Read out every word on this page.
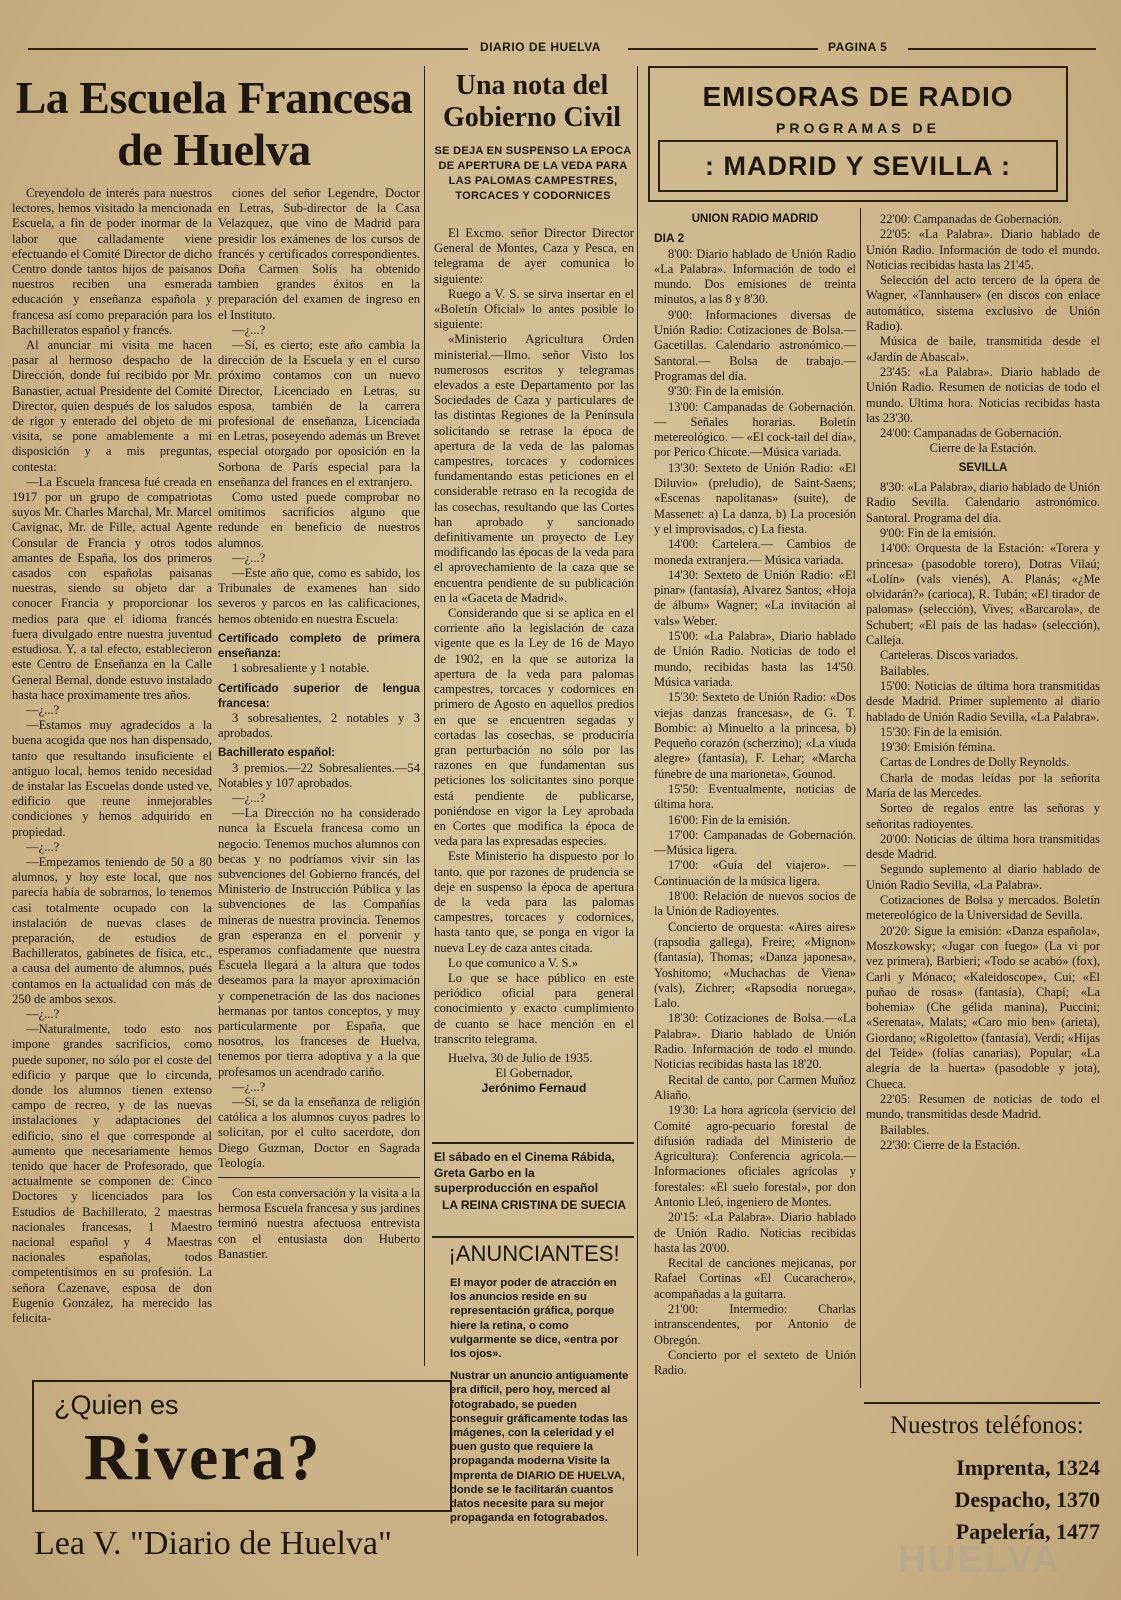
DIARIO DE HUELVA	PAGINA 5
La Escuela Francesa
de Huelva

Creyendolo de interés para nuestros lectores, hemos visitado la mencionada Escuela, a fin de poder inormar de la labor que calladamente viene efectuando el Comité Director de dicho Centro donde tantos hijos de paisanos nuestros reciben una esmerada educación y enseñanza española y francesa así como preparación para los Bachilleratos español y francés.

Al anunciar mi visita me hacen pasar al hermoso despacho de la Dirección, donde fuí recibido por Mr. Banastier, actual Presidente del Comité Director, quien después de los saludos de rigor y enterado del objeto de mi visita, se pone amablemente a mi disposición y a mis preguntas, contesta:

—La Escuela francesa fué creada en 1917 por un grupo de compatriotas suyos Mr. Charles Marchal, Mr. Marcel Cavignac, Mr. de Fille, actual Agente Consular de Francia y otros todos amantes de España, los dos primeros casados con españolas paisanas nuestras, siendo su objeto dar a conocer Francia y proporcionar los medios para que el idioma francés fuera divulgado entre nuestra juventud estudiosa. Y, a tal efecto, establecieron este Centro de Enseñanza en la Calle General Bernal, donde estuvo instalado hasta hace proximamente tres años.

—¿...?

—Estamos muy agradecidos a la buena acogida que nos han dispensado, tanto que resultando insuficiente el antiguo local, hemos tenido necesidad de instalar las Escuelas donde usted ve, edificio que reune inmejorables condiciones y hemos adquirido en propiedad.

—¿...?

—Empezamos teniendo de 50 a 80 alumnos, y hoy este local, que nos parecía había de sobrarnos, lo tenemos casi totalmente ocupado con la instalación de nuevas clases de preparación, de estudios de Bachilleratos, gabinetes de física, etc., a causa del aumento de alumnos, pués contamos en la actualidad con más de 250 de ambos sexos.

—¿...?

—Naturalmente, todo esto nos impone grandes sacrificios, como puede suponer, no sólo por el coste del edificio y parque que lo circunda, donde los alumnos tienen extenso campo de recreo, y de las nuevas instalaciones y adaptaciones del edificio, sino el que corresponde al aumento que necesariamente hemos tenido que hacer de Profesorado, que actualmente se componen de: Cinco Doctores y licenciados para los Estudios de Bachillerato, 2 maestras nacionales francesas, 1 Maestro nacional español y 4 Maestras nacionales españolas, todos competentísimos en su profesión. La señora Cazenave, esposa de don Eugenio González, ha merecido las felicita-

ciones del señor Legendre, Doctor en Letras, Sub-director de la Casa Velazquez, que vino de Madrid para presidir los exámenes de los cursos de francés y certificados correspondientes. Doña Carmen Solís ha obtenido tambien grandes éxitos en la preparación del examen de ingreso en el Instituto.

—¿...?

—Sí, es cierto; este año cambia la dirección de la Escuela y en el curso próximo contamos con un nuevo Director, Licenciado en Letras, su esposa, también de la carrera profesional de enseñanza, Licenciada en Letras, poseyendo además un Brevet especial otorgado por oposición en la Sorbona de París especial para la enseñanza del frances en el extranjero.

Como usted puede comprobar no omitimos sacrificios alguno que redunde en beneficio de nuestros alumnos.

—¿...?

—Este año que, como es sabido, los Tribunales de examenes han sido severos y parcos en las calificaciones, hemos obtenido en nuestra Escuela:

Certificado completo de primera enseñanza:

1 sobresaliente y 1 notable.

Certificado superior de lengua francesa:

3 sobresalientes, 2 notables y 3 aprobados.

Bachillerato español:

3 premios.—22 Sobresalientes.—54 Notables y 107 aprobados.

—¿...?

—La Dirección no ha considerado nunca la Escuela francesa como un negocio. Tenemos muchos alumnos con becas y no podríamos vivir sin las subvenciones del Gobierno francés, del Ministerio de Instrucción Pública y las subvenciones de las Compañías mineras de nuestra provincia. Tenemos gran esperanza en el porvenir y esperamos confiadamente que nuestra Escuela llegará a la altura que todos deseamos para la mayor aproximación y compenetración de las dos naciones hermanas por tantos conceptos, y muy particularmente por España, que nosotros, los franceses de Huelva, tenemos por tierra adoptiva y a la que profesamos un acendrado cariño.

—¿...?

—Sí, se da la enseñanza de religión católica a los alumnos cuyos padres lo solicitan, por el culto sacerdote, don Diego Guzman, Doctor en Sagrada Teología.

Con esta conversación y la visita a la hermosa Escuela francesa y sus jardines terminó nuestra afectuosa entrevista con el entusiasta don Huberto Banastier.

¿Quien es
Rivera?
Lea V. "Diario de Huelva"
Una nota del Gobierno Civil
SE DEJA EN SUSPENSO LA EPOCA DE APERTURA DE LA VEDA PARA LAS PALOMAS CAMPESTRES, TORCACES Y CODORNICES

El Excmo. señor Director Director General de Montes, Caza y Pesca, en telegrama de ayer comunica lo siguiente:

Ruego a V. S. se sirva insertar en el «Boletín Oficial» lo antes posible lo siguiente:

«Ministerio Agricultura Orden ministerial.—Ilmo. señor Visto los numerosos escritos y telegramas elevados a este Departamento por las Sociedades de Caza y particulares de las distintas Regiones de la Península solicitando se retrase la época de apertura de la veda de las palomas campestres, torcaces y codornices fundamentando estas peticiones en el considerable retraso en la recogida de las cosechas, resultando que las Cortes han aprobado y sancionado definitivamente un proyecto de Ley modificando las épocas de la veda para el aprovechamiento de la caza que se encuentra pendiente de su publicación en la «Gaceta de Madrid».

Considerando que si se aplica en el corriente año la legislación de caza vigente que es la Ley de 16 de Mayo de 1902, en la que se autoriza la apertura de la veda para palomas campestres, torcaces y codornices en primero de Agosto en aquellos predios en que se encuentren segadas y cortadas las cosechas, se produciría gran perturbación no sólo por las razones en que fundamentan sus peticiones los solicitantes sino porque está pendiente de publicarse, poniéndose en vigor la Ley aprobada en Cortes que modifica la época de veda para las expresadas especies.

Este Ministerio ha dispuesto por lo tanto, que por razones de prudencia se deje en suspenso la época de apertura de la veda para las palomas campestres, torcaces y codornices, hasta tanto que, se ponga en vigor la nueva Ley de caza antes citada.

Lo que comunico a V. S.»

Lo que se hace público en este periódico oficial para general conocimiento y exacto cumplimiento de cuanto se hace mención en el transcrito telegrama.

Huelva, 30 de Julio de 1935.

El Gobernador,

Jerónimo Fernaud

El sábado en el Cinema Rábida, Greta Garbo en la superproducción en español
LA REINA CRISTINA DE SUECIA
¡ANUNCIANTES!

El mayor poder de atracción en los anuncios reside en su representación gráfica, porque hiere la retina, o como vulgarmente se dice, «entra por los ojos».

Nustrar un anuncio antiguamente era difícil, pero hoy, merced al fotograbado, se pueden conseguir gráficamente todas las imágenes, con la celeridad y el buen gusto que requiere la propaganda moderna Visite la Imprenta de DIARIO DE HUELVA, donde se le facilitarán cuantos datos necesite para su mejor propaganda en fotograbados.

EMISORAS DE RADIO
PROGRAMAS DE
: MADRID Y SEVILLA :

UNION RADIO MADRID

DIA 2

8'00: Diario hablado de Unión Radio «La Palabra». Información de todo el mundo. Dos emisiones de treinta minutos, a las 8 y 8'30.

9'00: Informaciones diversas de Unión Radio: Cotizaciones de Bolsa.—Gacetillas. Calendario astronómico.— Santoral.— Bolsa de trabajo.—Programas del día.

9'30: Fin de la emisión.

13'00: Campanadas de Gobernación.— Señales horarias. Boletín metereológico. — «El cock-tail del día», por Perico Chicote.—Música variada.

13'30: Sexteto de Unión Radio: «El Diluvio» (preludio), de Saint-Saens; «Escenas napolitanas» (suite), de Massenet: a) La danza, b) La procesión y el improvisados, c) La fiesta.

14'00: Cartelera.— Cambios de moneda extranjera.— Música variada.

14'30: Sexteto de Unión Radio: «El pinar» (fantasía), Alvarez Santos; «Hoja de álbum» Wagner; «La invitación al vals» Weber.

15'00: «La Palabra», Diario hablado de Unión Radio. Noticias de todo el mundo, recibidas hasta las 14'50. Música variada.

15'30: Sexteto de Unión Radio: «Dos viejas danzas francesas», de G. T. Bombic: a) Minuelto a la princesa, b) Pequeño corazón (scherzino); «La viuda alegre» (fantasía), F. Lehar; «Marcha fúnebre de una marioneta», Gounod.

15'50: Eventualmente, noticias de última hora.

16'00: Fin de la emisión.

17'00: Campanadas de Gobernación.—Música ligera.

17'00: «Guía del viajero». — Continuación de la música ligera.

18'00: Relación de nuevos socios de la Unión de Radioyentes.

Concierto de orquesta: «Aires aires» (rapsodia gallega), Freire; «Mignon» (fantasía), Thomas; «Danza japonesa», Yoshitomo; «Muchachas de Viena» (vals), Zichrer; «Rapsodia noruega», Lalo.

18'30: Cotizaciones de Bolsa.—«La Palabra». Diario hablado de Unión Radio. Información de todo el mundo. Noticias recibidas hasta las 18'20.

Recital de canto, por Carmen Muñoz Aliaño.

19'30: La hora agrícola (servicio del Comité agro-pecuario forestal de difusión radiada del Ministerio de Agricultura): Conferencia agrícola.— Informaciones oficiales agrícolas y forestales: «El suelo forestal», por don Antonio Lleó, ingeniero de Montes.

20'15: «La Palabra». Diario hablado de Unión Radio. Noticias recibidas hasta las 20'00.

Recital de canciones mejicanas, por Rafael Cortinas «El Cucarachero», acompañadas a la guitarra.

21'00: Intermedio: Charlas intranscendentes, por Antonio de Obregón.

Concierto por el sexteto de Unión Radio.

22'00: Campanadas de Gobernación.

22'05: «La Palabra». Diario hablado de Unión Radio. Información de todo el mundo. Noticias recibidas hasta las 21'45.

Selección del acto tercero de la ópera de Wagner, «Tannhauser» (en discos con enlace automático, sistema exclusivo de Unión Radio).

Música de baile, transmitida desde el «Jardín de Abascal».

23'45: «La Palabra». Diario hablado de Unión Radio. Resumen de noticias de todo el mundo. Ultima hora. Noticias recibidas hasta las 23'30.

24'00: Campanadas de Gobernación.

Cierre de la Estación.

SEVILLA

8'30: «La Palabra», diario hablado de Unión Radio Sevilla. Calendario astronómico. Santoral. Programa del día.

9'00: Fin de la emisión.

14'00: Orquesta de la Estación: «Torera y princesa» (pasodoble torero), Dotras Vilaú; «Lolín» (vals vienés), A. Planás; «¿Me olvidarán?» (carioca), R. Tubán; «El tirador de palomas» (selección), Vives; «Barcarola», de Schubert; «El país de las hadas» (selección), Calleja.

Carteleras. Discos variados.

Bailables.

15'00: Noticias de última hora transmitidas desde Madrid. Primer suplemento al diario hablado de Unión Radio Sevilla, «La Palabra».

15'30: Fin de la emisión.

19'30: Emisión fémina.

Cartas de Londres de Dolly Reynolds.

Charla de modas leídas por la señorita María de las Mercedes.

Sorteo de regalos entre las señoras y señoritas radioyentes.

20'00: Noticias de última hora transmitidas desde Madrid.

Segundo suplemento al diario hablado de Unión Radio Sevilla, «La Palabra».

Cotizaciones de Bolsa y mercados. Boletín metereológico de la Universidad de Sevilla.

20'20: Sigue la emisión: «Danza española», Moszkowsky; «Jugar con fuego» (La vi por vez primera), Barbieri; «Todo se acabó» (fox), Carli y Mónaco; «Kaleidoscope», Cui; «El puñao de rosas» (fantasía), Chapí; «La bohemia» (Che gélida manina), Puccini; «Serenata», Malats; «Caro mio ben» (arieta), Giordano; «Rigoletto» (fantasía), Verdi; «Hijas del Teide» (folías canarias), Popular; «La alegría de la huerta» (pasodoble y jota), Chueca.

22'05: Resumen de noticias de todo el mundo, transmitidas desde Madrid.

Bailables.

22'30: Cierre de la Estación.

Nuestros teléfonos:
Imprenta, 1324
Despacho, 1370
Papelería, 1477
HUELVA
